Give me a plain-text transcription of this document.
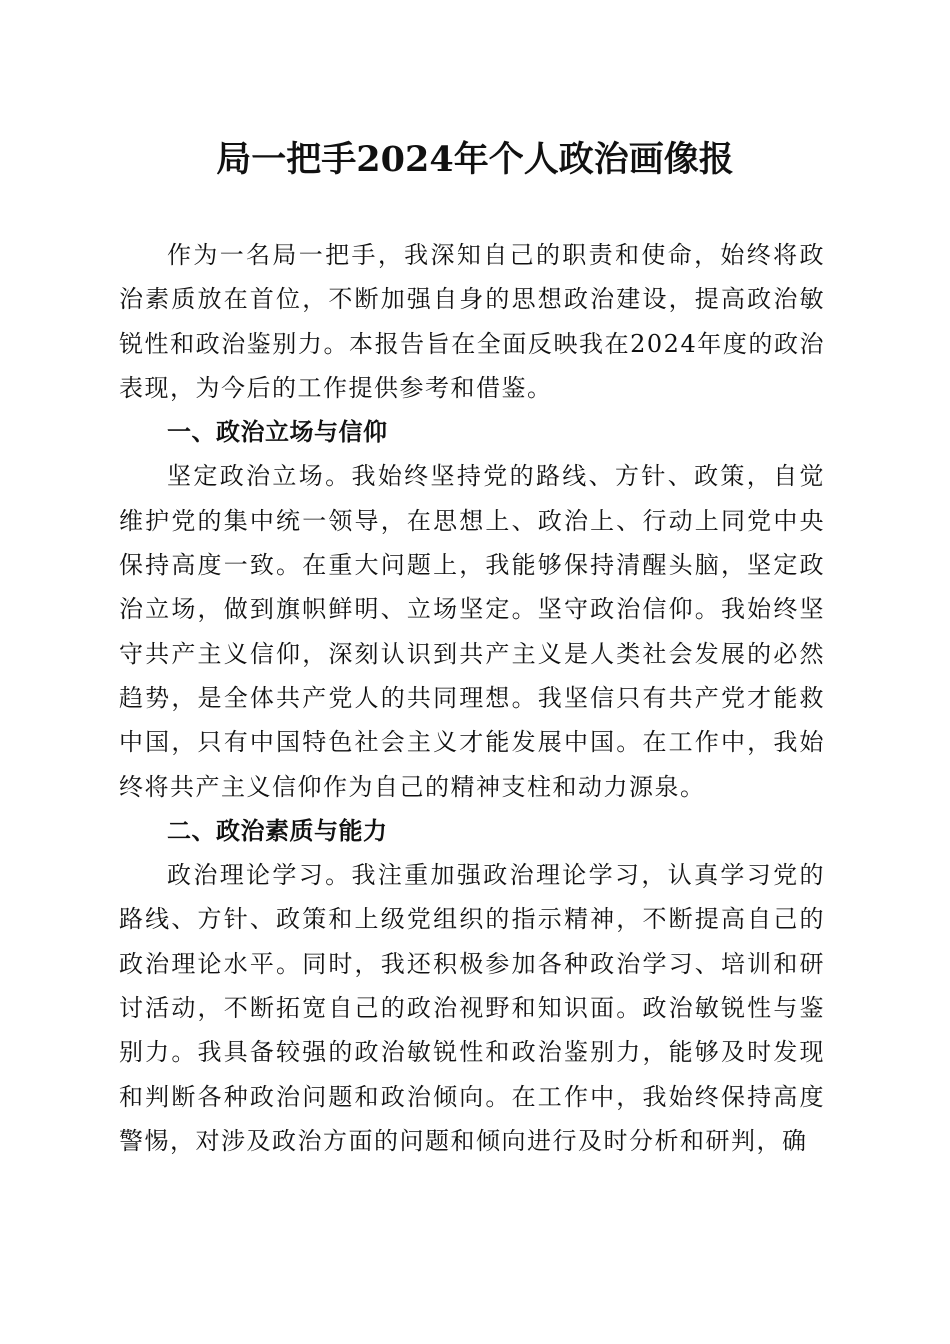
局一把手2024年个人政治画像报

作为一名局一把手，我深知自己的职责和使命，始终将政治素质放在首位，不断加强自身的思想政治建设，提高政治敏锐性和政治鉴别力。本报告旨在全面反映我在2024年度的政治表现，为今后的工作提供参考和借鉴。

一、政治立场与信仰

坚定政治立场。我始终坚持党的路线、方针、政策，自觉维护党的集中统一领导，在思想上、政治上、行动上同党中央保持高度一致。在重大问题上，我能够保持清醒头脑，坚定政治立场，做到旗帜鲜明、立场坚定。坚守政治信仰。我始终坚守共产主义信仰，深刻认识到共产主义是人类社会发展的必然趋势，是全体共产党人的共同理想。我坚信只有共产党才能救中国，只有中国特色社会主义才能发展中国。在工作中，我始终将共产主义信仰作为自己的精神支柱和动力源泉。

二、政治素质与能力

政治理论学习。我注重加强政治理论学习，认真学习党的路线、方针、政策和上级党组织的指示精神，不断提高自己的政治理论水平。同时，我还积极参加各种政治学习、培训和研讨活动，不断拓宽自己的政治视野和知识面。政治敏锐性与鉴别力。我具备较强的政治敏锐性和政治鉴别力，能够及时发现和判断各种政治问题和政治倾向。在工作中，我始终保持高度警惕，对涉及政治方面的问题和倾向进行及时分析和研判，确
